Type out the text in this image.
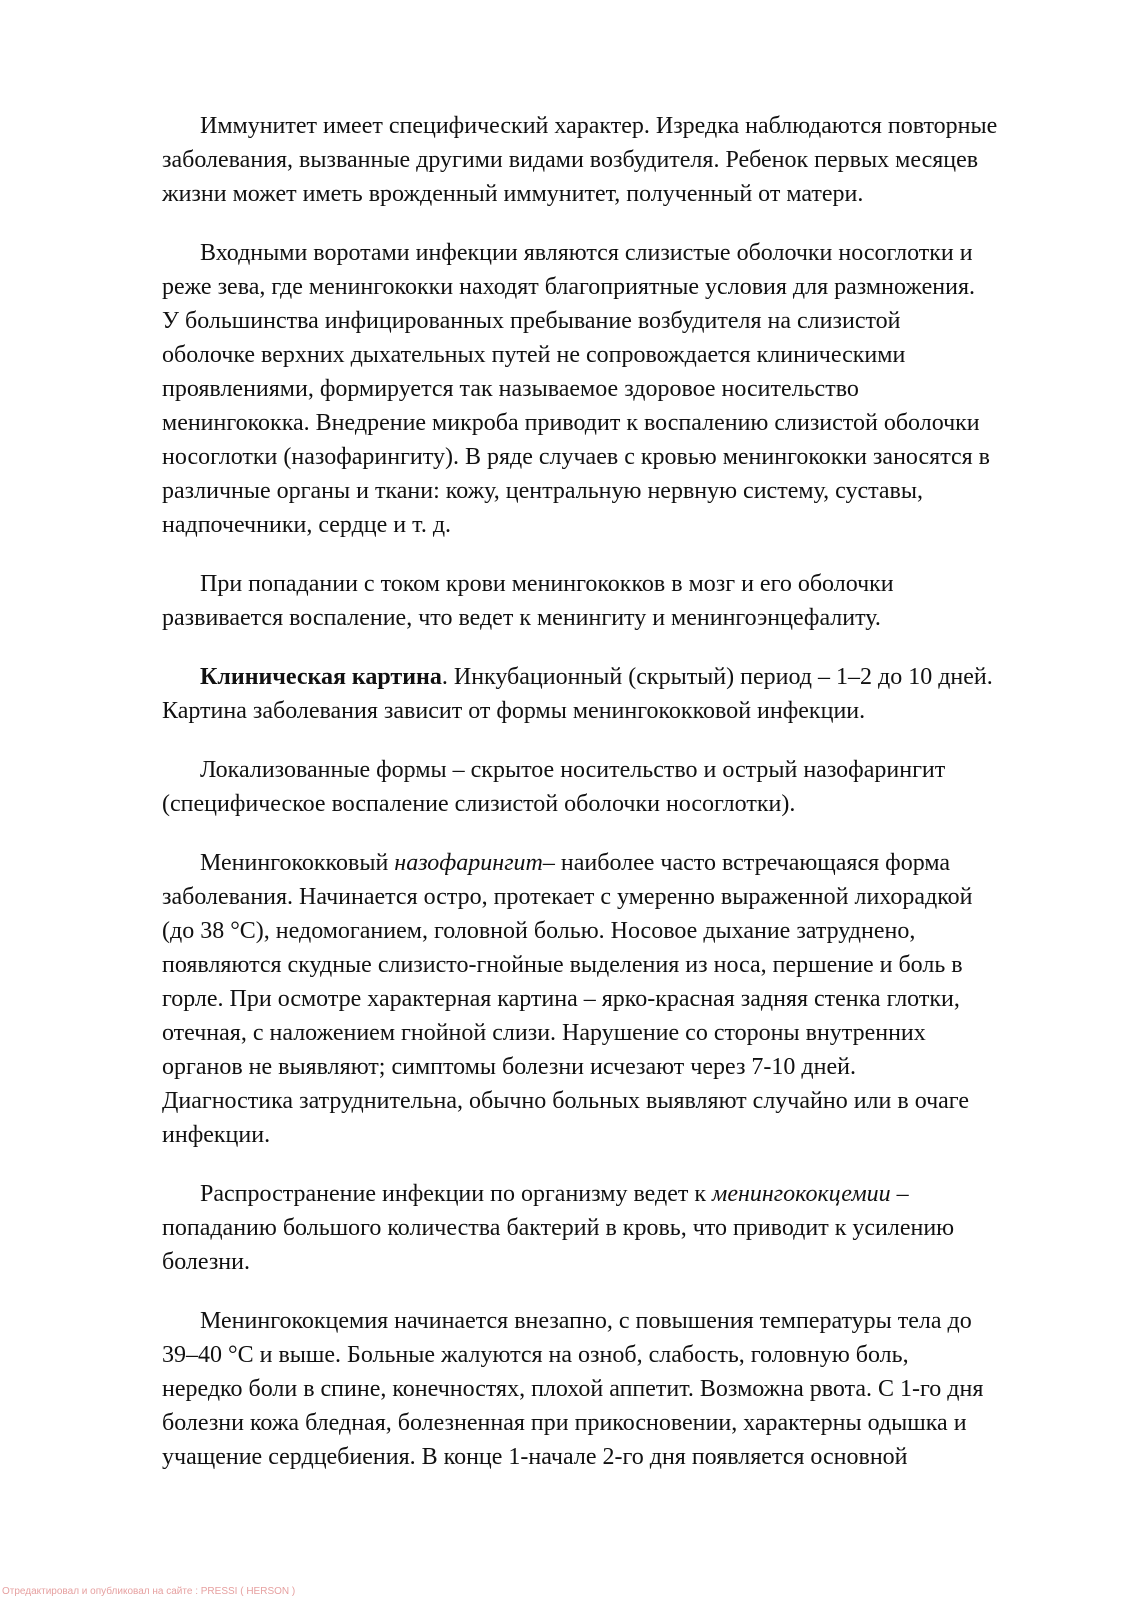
Иммунитет имеет специфический характер. Изредка наблюдаются повторные
заболевания, вызванные другими видами возбудителя. Ребенок первых месяцев
жизни может иметь врожденный иммунитет, полученный от матери.

Входными воротами инфекции являются слизистые оболочки носоглотки и
реже зева, где менингококки находят благоприятные условия для размножения.
У большинства инфицированных пребывание возбудителя на слизистой
оболочке верхних дыхательных путей не сопровождается клиническими
проявлениями, формируется так называемое здоровое носительство
менингококка. Внедрение микроба приводит к воспалению слизистой оболочки
носоглотки (назофарингиту). В ряде случаев с кровью менингококки заносятся в
различные органы и ткани: кожу, центральную нервную систему, суставы,
надпочечники, сердце и т. д.

При попадании с током крови менингококков в мозг и его оболочки
развивается воспаление, что ведет к менингиту и менингоэнцефалиту.

Клиническая картина. Инкубационный (скрытый) период – 1–2 до 10 дней.
Картина заболевания зависит от формы менингококковой инфекции.

Локализованные формы – скрытое носительство и острый назофарингит
(специфическое воспаление слизистой оболочки носоглотки).

Менингококковый назофарингит– наиболее часто встречающаяся форма
заболевания. Начинается остро, протекает с умеренно выраженной лихорадкой
(до 38 °С), недомоганием, головной болью. Носовое дыхание затруднено,
появляются скудные слизисто-гнойные выделения из носа, першение и боль в
горле. При осмотре характерная картина – ярко-красная задняя стенка глотки,
отечная, с наложением гнойной слизи. Нарушение со стороны внутренних
органов не выявляют; симптомы болезни исчезают через 7-10 дней.
Диагностика затруднительна, обычно больных выявляют случайно или в очаге
инфекции.

Распространение инфекции по организму ведет к менингококцемии –
попаданию большого количества бактерий в кровь, что приводит к усилению
болезни.

Менингококцемия начинается внезапно, с повышения температуры тела до
39–40 °С и выше. Больные жалуются на озноб, слабость, головную боль,
нередко боли в спине, конечностях, плохой аппетит. Возможна рвота. С 1-го дня
болезни кожа бледная, болезненная при прикосновении, характерны одышка и
учащение сердцебиения. В конце 1-начале 2-го дня появляется основной

Отредактировал и опубликовал на сайте : PRESSI ( HERSON )
